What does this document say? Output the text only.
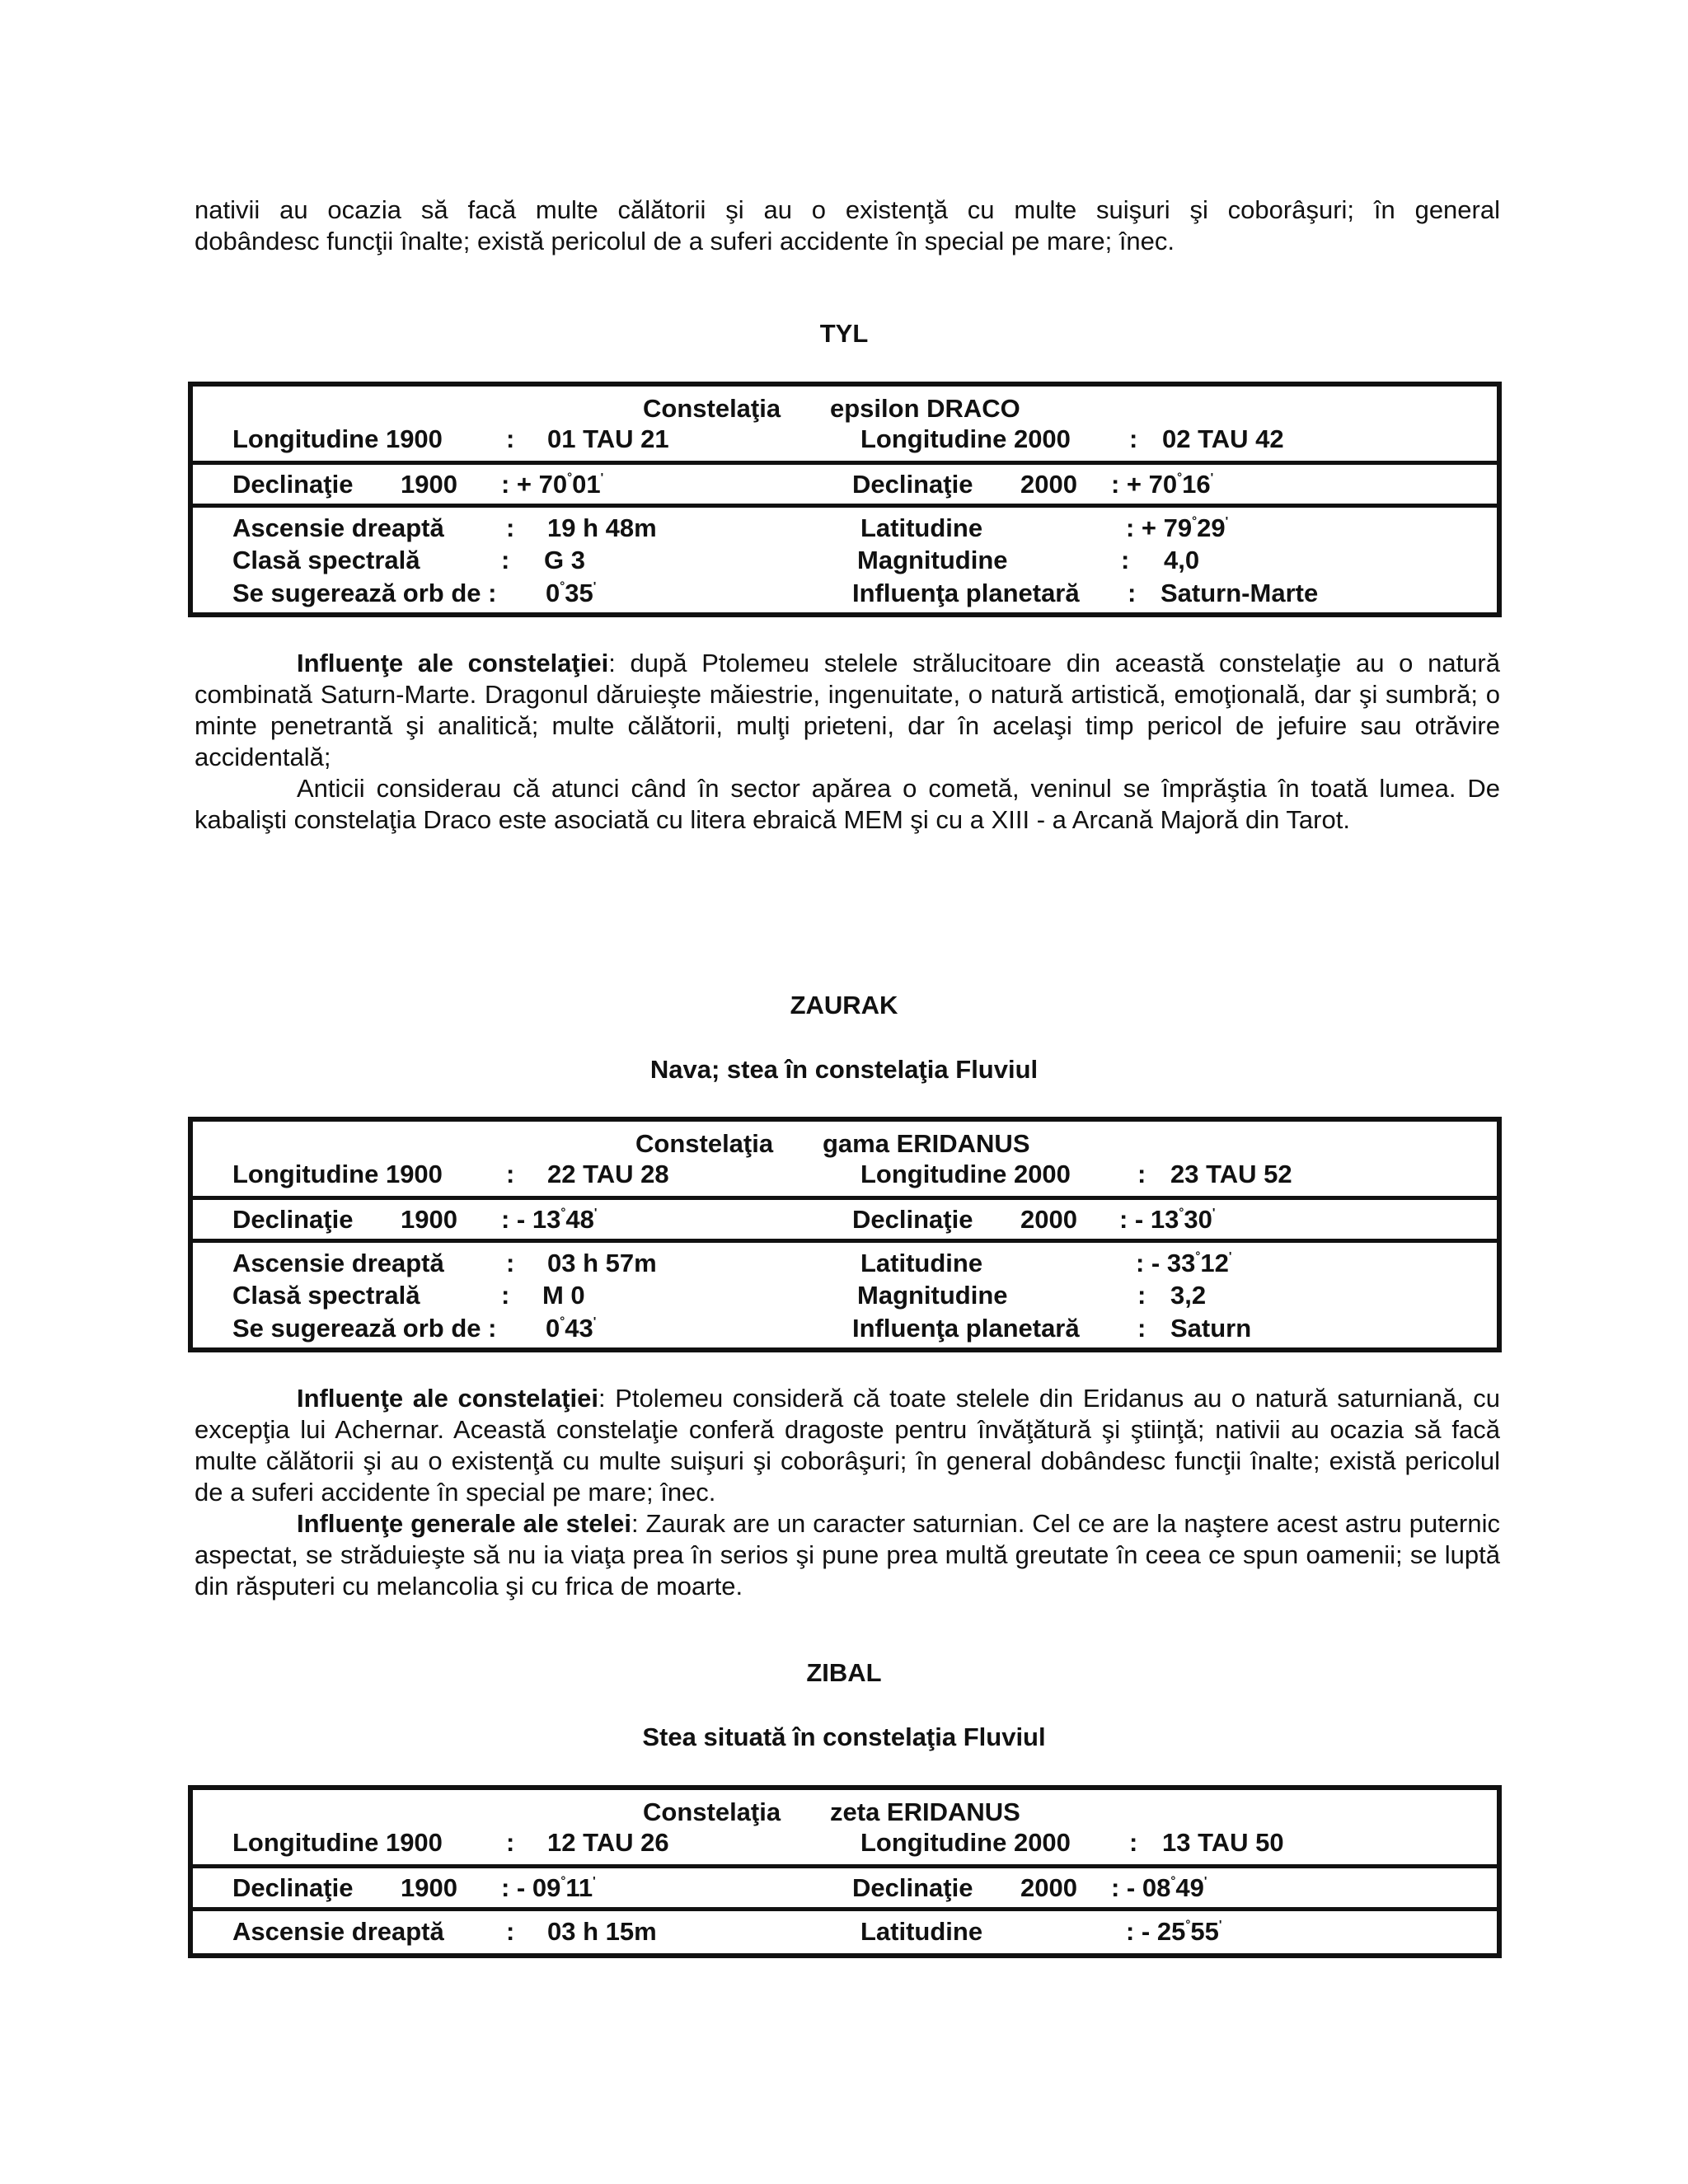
nativii au ocazia să facă multe călătorii şi au o existenţă cu multe suişuri şi coborâşuri; în general
dobândesc funcţii înalte; există pericolul de a suferi accidente în special pe mare; înec.
TYL
Constelaţia epsilon DRACO
Longitudine 1900 : 01 TAU 21	Longitudine 2000 : 02 TAU 42
Declinaţie 1900 : + 70°01'	Declinaţie 2000 : + 70°16'
Ascensie dreaptă : 19 h 48m	Latitudine	: + 79°29'
Clasă spectrală	: G 3	Magnitudine	: 4,0
Se sugerează orb de : 0°35'	Influenţa planetară : Saturn-Marte
Influenţe ale constelaţiei: după Ptolemeu stelele strălucitoare din această constelaţie au o natură combinată Saturn-Marte. Dragonul dăruieşte măiestrie, ingenuitate, o natură artistică, emoţională, dar şi sumbră; o minte penetrantă şi analitică; multe călătorii, mulţi prieteni, dar în acelaşi timp pericol de jefuire sau otrăvire accidentală;
Anticii considerau că atunci când în sector apărea o cometă, veninul se împrăştia în toată lumea. De kabalişti constelaţia Draco este asociată cu litera ebraică MEM şi cu a XIII - a Arcană Majoră din Tarot.
ZAURAK
Nava; stea în constelaţia Fluviul
Constelaţia gama ERIDANUS
Longitudine 1900 : 22 TAU 28	Longitudine 2000	: 23 TAU 52
Declinaţie 1900 : - 13°48'	Declinaţie 2000 : - 13°30'
Ascensie dreaptă : 03 h 57m	Latitudine	: - 33°12'
Clasă spectrală	: M 0	Magnitudine	: 3,2
Se sugerează orb de : 0°43'	Influenţa planetară : Saturn
Influenţe ale constelaţiei: Ptolemeu consideră că toate stelele din Eridanus au o natură saturniană, cu excepţia lui Achernar. Această constelaţie conferă dragoste pentru învăţătură şi ştiinţă; nativii au ocazia să facă multe călătorii şi au o existenţă cu multe suişuri şi coborâşuri; în general dobândesc funcţii înalte; există pericolul de a suferi accidente în special pe mare; înec.
Influenţe generale ale stelei: Zaurak are un caracter saturnian. Cel ce are la naştere acest astru puternic aspectat, se străduieşte să nu ia viaţa prea în serios şi pune prea multă greutate în ceea ce spun oamenii; se luptă din răsputeri cu melancolia şi cu frica de moarte.
ZIBAL
Stea situată în constelaţia Fluviul
Constelaţia zeta ERIDANUS
Longitudine 1900 : 12 TAU 26	Longitudine 2000 : 13 TAU 50
Declinaţie 1900 : - 09°11'	Declinaţie 2000 : - 08°49'
Ascensie dreaptă : 03 h 15m	Latitudine	: - 25°55'
